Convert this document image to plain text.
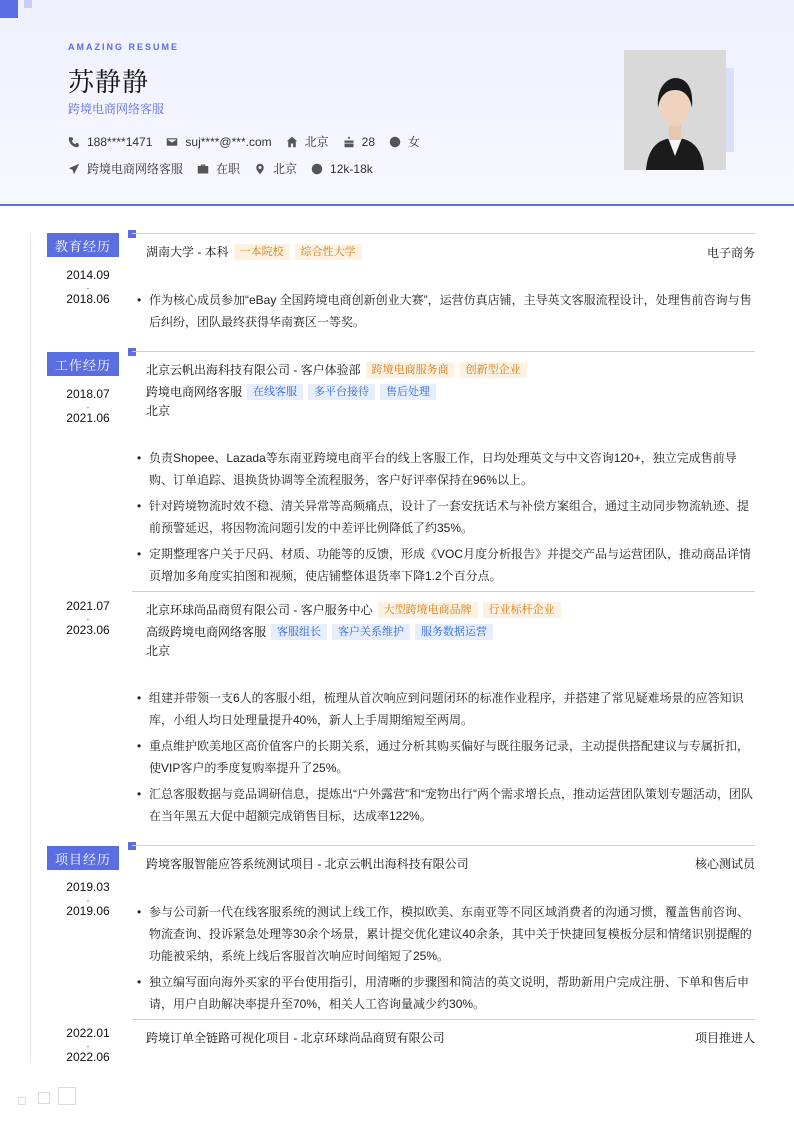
AMAZING RESUME
苏静静
跨境电商网络客服
188****1471	suj****@***.com	北京	28	女
跨境电商网络客服	在职	北京	12k-18k
教育经历
2014.09
-
2018.06
湖南大学 - 本科	一本院校	综合性大学	电子商务
• 作为核心成员参加“eBay 全国跨境电商创新创业大赛”，运营仿真店铺，主导英文客服流程设计，处理售前咨询与售后纠纷，团队最终获得华南赛区一等奖。
工作经历
2018.07
-
2021.06
北京云帆出海科技有限公司 - 客户体验部	跨境电商服务商	创新型企业
跨境电商网络客服	在线客服	多平台接待	售后处理
北京
• 负责Shopee、Lazada等东南亚跨境电商平台的线上客服工作，日均处理英文与中文咨询120+，独立完成售前导购、订单追踪、退换货协调等全流程服务，客户好评率保持在96%以上。
• 针对跨境物流时效不稳、清关异常等高频痛点，设计了一套安抚话术与补偿方案组合，通过主动同步物流轨迹、提前预警延迟，将因物流问题引发的中差评比例降低了约35%。
• 定期整理客户关于尺码、材质、功能等的反馈，形成《VOC月度分析报告》并提交产品与运营团队，推动商品详情页增加多角度实拍图和视频，使店铺整体退货率下降1.2个百分点。
2021.07
-
2023.06
北京环球尚品商贸有限公司 - 客户服务中心	大型跨境电商品牌	行业标杆企业
高级跨境电商网络客服	客服组长	客户关系维护	服务数据运营
北京
• 组建并带领一支6人的客服小组，梳理从首次响应到问题闭环的标准作业程序，并搭建了常见疑难场景的应答知识库，小组人均日处理量提升40%，新人上手周期缩短至两周。
• 重点维护欧美地区高价值客户的长期关系，通过分析其购买偏好与既往服务记录，主动提供搭配建议与专属折扣，使VIP客户的季度复购率提升了25%。
• 汇总客服数据与竞品调研信息，提炼出“户外露营”和“宠物出行”两个需求增长点，推动运营团队策划专题活动，团队在当年黑五大促中超额完成销售目标，达成率122%。
项目经历
2019.03
-
2019.06
跨境客服智能应答系统测试项目 - 北京云帆出海科技有限公司	核心测试员
• 参与公司新一代在线客服系统的测试上线工作，模拟欧美、东南亚等不同区域消费者的沟通习惯，覆盖售前咨询、物流查询、投诉紧急处理等30余个场景，累计提交优化建议40余条，其中关于快捷回复模板分层和情绪识别提醒的功能被采纳，系统上线后客服首次响应时间缩短了25%。
• 独立编写面向海外买家的平台使用指引，用清晰的步骤图和简洁的英文说明，帮助新用户完成注册、下单和售后申请，用户自助解决率提升至70%，相关人工咨询量减少约30%。
2022.01
-
2022.06
跨境订单全链路可视化项目 - 北京环球尚品商贸有限公司	项目推进人
